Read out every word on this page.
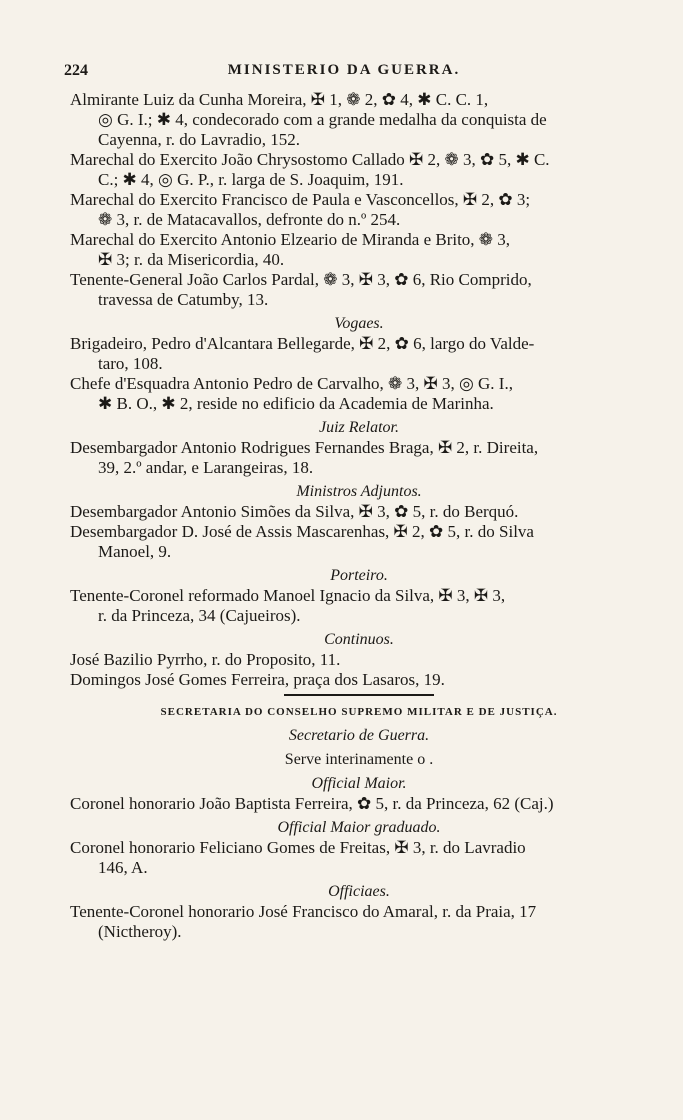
224	MINISTERIO DA GUERRA.

Almirante Luiz da Cunha Moreira, ✠ 1, ❁ 2, ✿ 4, ✱ C. C. 1,
◎ G. I.; ✱ 4, condecorado com a grande medalha da conquista de
Cayenna, r. do Lavradio, 152.

Marechal do Exercito João Chrysostomo Callado ✠ 2, ❁ 3, ✿ 5, ✱ C.
C.; ✱ 4, ◎ G. P., r. larga de S. Joaquim, 191.

Marechal do Exercito Francisco de Paula e Vasconcellos, ✠ 2, ✿ 3;
❁ 3, r. de Matacavallos, defronte do n.º 254.

Marechal do Exercito Antonio Elzeario de Miranda e Brito, ❁ 3,
✠ 3; r. da Misericordia, 40.

Tenente-General João Carlos Pardal, ❁ 3, ✠ 3, ✿ 6, Rio Comprido,
travessa de Catumby, 13.

Vogaes.

Brigadeiro, Pedro d'Alcantara Bellegarde, ✠ 2, ✿ 6, largo do Valde-
taro, 108.

Chefe d'Esquadra Antonio Pedro de Carvalho, ❁ 3, ✠ 3, ◎ G. I.,
✱ B. O., ✱ 2, reside no edificio da Academia de Marinha.

Juiz Relator.

Desembargador Antonio Rodrigues Fernandes Braga, ✠ 2, r. Direita,
39, 2.º andar, e Larangeiras, 18.

Ministros Adjuntos.

Desembargador Antonio Simões da Silva, ✠ 3, ✿ 5, r. do Berquó.

Desembargador D. José de Assis Mascarenhas, ✠ 2, ✿ 5, r. do Silva
Manoel, 9.

Porteiro.

Tenente-Coronel reformado Manoel Ignacio da Silva, ✠ 3, ✠ 3,
r. da Princeza, 34 (Cajueiros).

Continuos.

José Bazilio Pyrrho, r. do Proposito, 11.

Domingos José Gomes Ferreira, praça dos Lasaros, 19.

SECRETARIA DO CONSELHO SUPREMO MILITAR E DE JUSTIÇA.

Secretario de Guerra.

Serve interinamente o .

Official Maior.

Coronel honorario João Baptista Ferreira, ✿ 5, r. da Princeza, 62 (Caj.)

Official Maior graduado.

Coronel honorario Feliciano Gomes de Freitas, ✠ 3, r. do Lavradio
146, A.

Officiaes.

Tenente-Coronel honorario José Francisco do Amaral, r. da Praia, 17
(Nictheroy).
